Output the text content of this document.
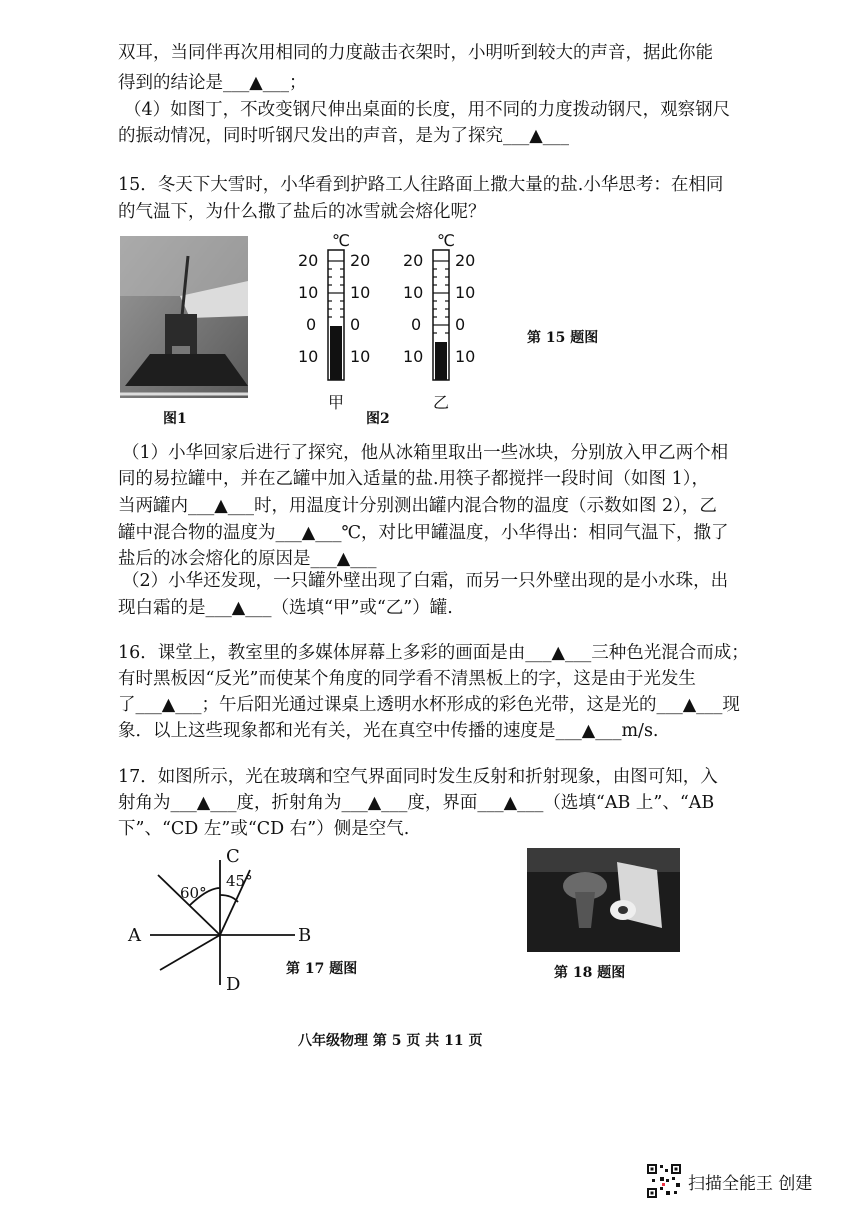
双耳，当同伴再次用相同的力度敲击衣架时，小明听到较大的声音，据此你能
得到的结论是___▲___；
（4）如图丁，不改变钢尺伸出桌面的长度，用不同的力度拨动钢尺，观察钢尺
的振动情况，同时听钢尺发出的声音，是为了探究___▲___
15．冬天下大雪时，小华看到护路工人往路面上撒大量的盐.小华思考：在相同
的气温下，为什么撒了盐后的冰雪就会熔化呢？
图1
℃
20
10
0
10
20
10
0
10
甲
℃
20
10
0
10
20
10
0
10
乙
图2
第 15 题图
（1）小华回家后进行了探究，他从冰箱里取出一些冰块，分别放入甲乙两个相
同的易拉罐中，并在乙罐中加入适量的盐.用筷子都搅拌一段时间（如图 1），
当两罐内___▲___时，用温度计分别测出罐内混合物的温度（示数如图 2），乙
罐中混合物的温度为___▲___℃，对比甲罐温度，小华得出：相同气温下，撒了
盐后的冰会熔化的原因是___▲___
（2）小华还发现，一只罐外壁出现了白霜，而另一只外壁出现的是小水珠，出
现白霜的是___▲___（选填“甲”或“乙”）罐.
16．课堂上，教室里的多媒体屏幕上多彩的画面是由___▲___三种色光混合而成；
有时黑板因“反光”而使某个角度的同学看不清黑板上的字，这是由于光发生
了___▲___；午后阳光通过课桌上透明水杯形成的彩色光带，这是光的___▲___现
象．以上这些现象都和光有关，光在真空中传播的速度是___▲___m/s.
17．如图所示，光在玻璃和空气界面同时发生反射和折射现象，由图可知，入
射角为___▲___度，折射角为___▲___度，界面___▲___（选填“AB 上”、“AB
下”、“CD 左”或“CD 右”）侧是空气.
A	B
C
D
60°
45°
第 17 题图	第 18 题图
八年级物理 第 5 页 共 11 页
扫描全能王 创建
